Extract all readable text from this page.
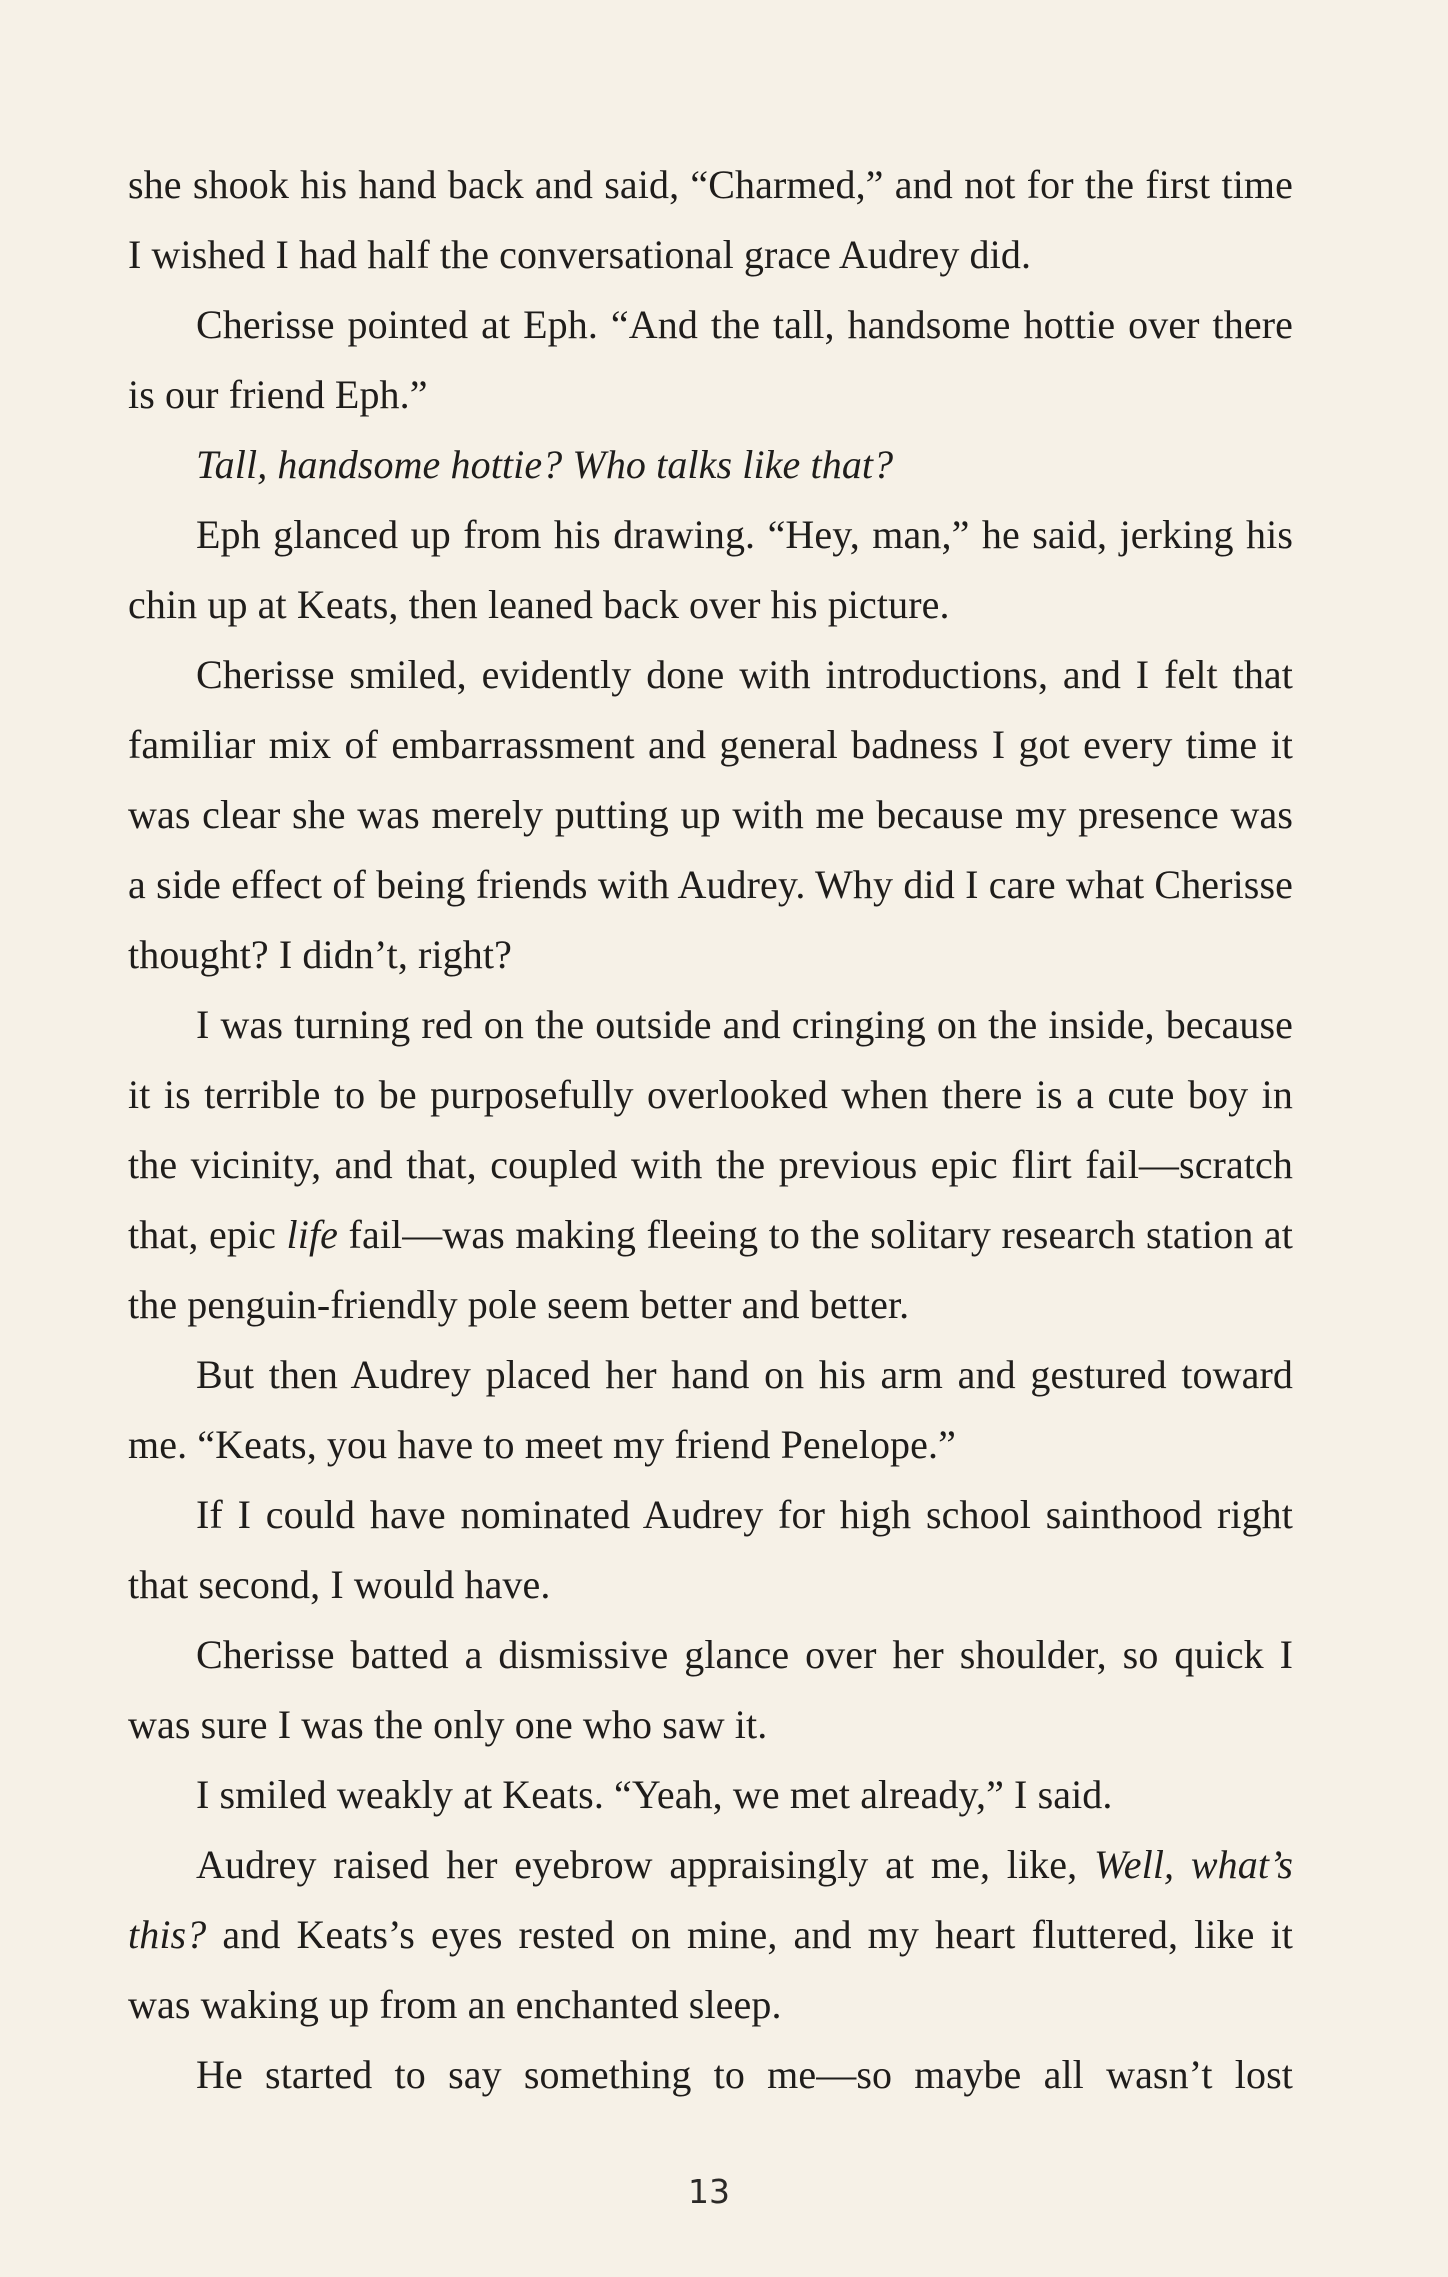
she shook his hand back and said, “Charmed,” and not for the first time I wished I had half the conversational grace Audrey did.

Cherisse pointed at Eph. “And the tall, handsome hottie over there is our friend Eph.”

Tall, handsome hottie? Who talks like that?

Eph glanced up from his drawing. “Hey, man,” he said, jerking his chin up at Keats, then leaned back over his picture.

Cherisse smiled, evidently done with introductions, and I felt that familiar mix of embarrassment and general badness I got every time it was clear she was merely putting up with me because my presence was a side effect of being friends with Audrey. Why did I care what Cherisse thought? I didn’t, right?

I was turning red on the outside and cringing on the inside, because it is terrible to be purposefully overlooked when there is a cute boy in the vicinity, and that, coupled with the previous epic flirt fail—scratch that, epic life fail—was making fleeing to the solitary research station at the penguin-friendly pole seem better and better.

But then Audrey placed her hand on his arm and gestured toward me. “Keats, you have to meet my friend Penelope.”

If I could have nominated Audrey for high school sainthood right that second, I would have.

Cherisse batted a dismissive glance over her shoulder, so quick I was sure I was the only one who saw it.

I smiled weakly at Keats. “Yeah, we met already,” I said.

Audrey raised her eyebrow appraisingly at me, like, Well, what’s this? and Keats’s eyes rested on mine, and my heart fluttered, like it was waking up from an enchanted sleep.

He started to say something to me—so maybe all wasn’t lost

13
